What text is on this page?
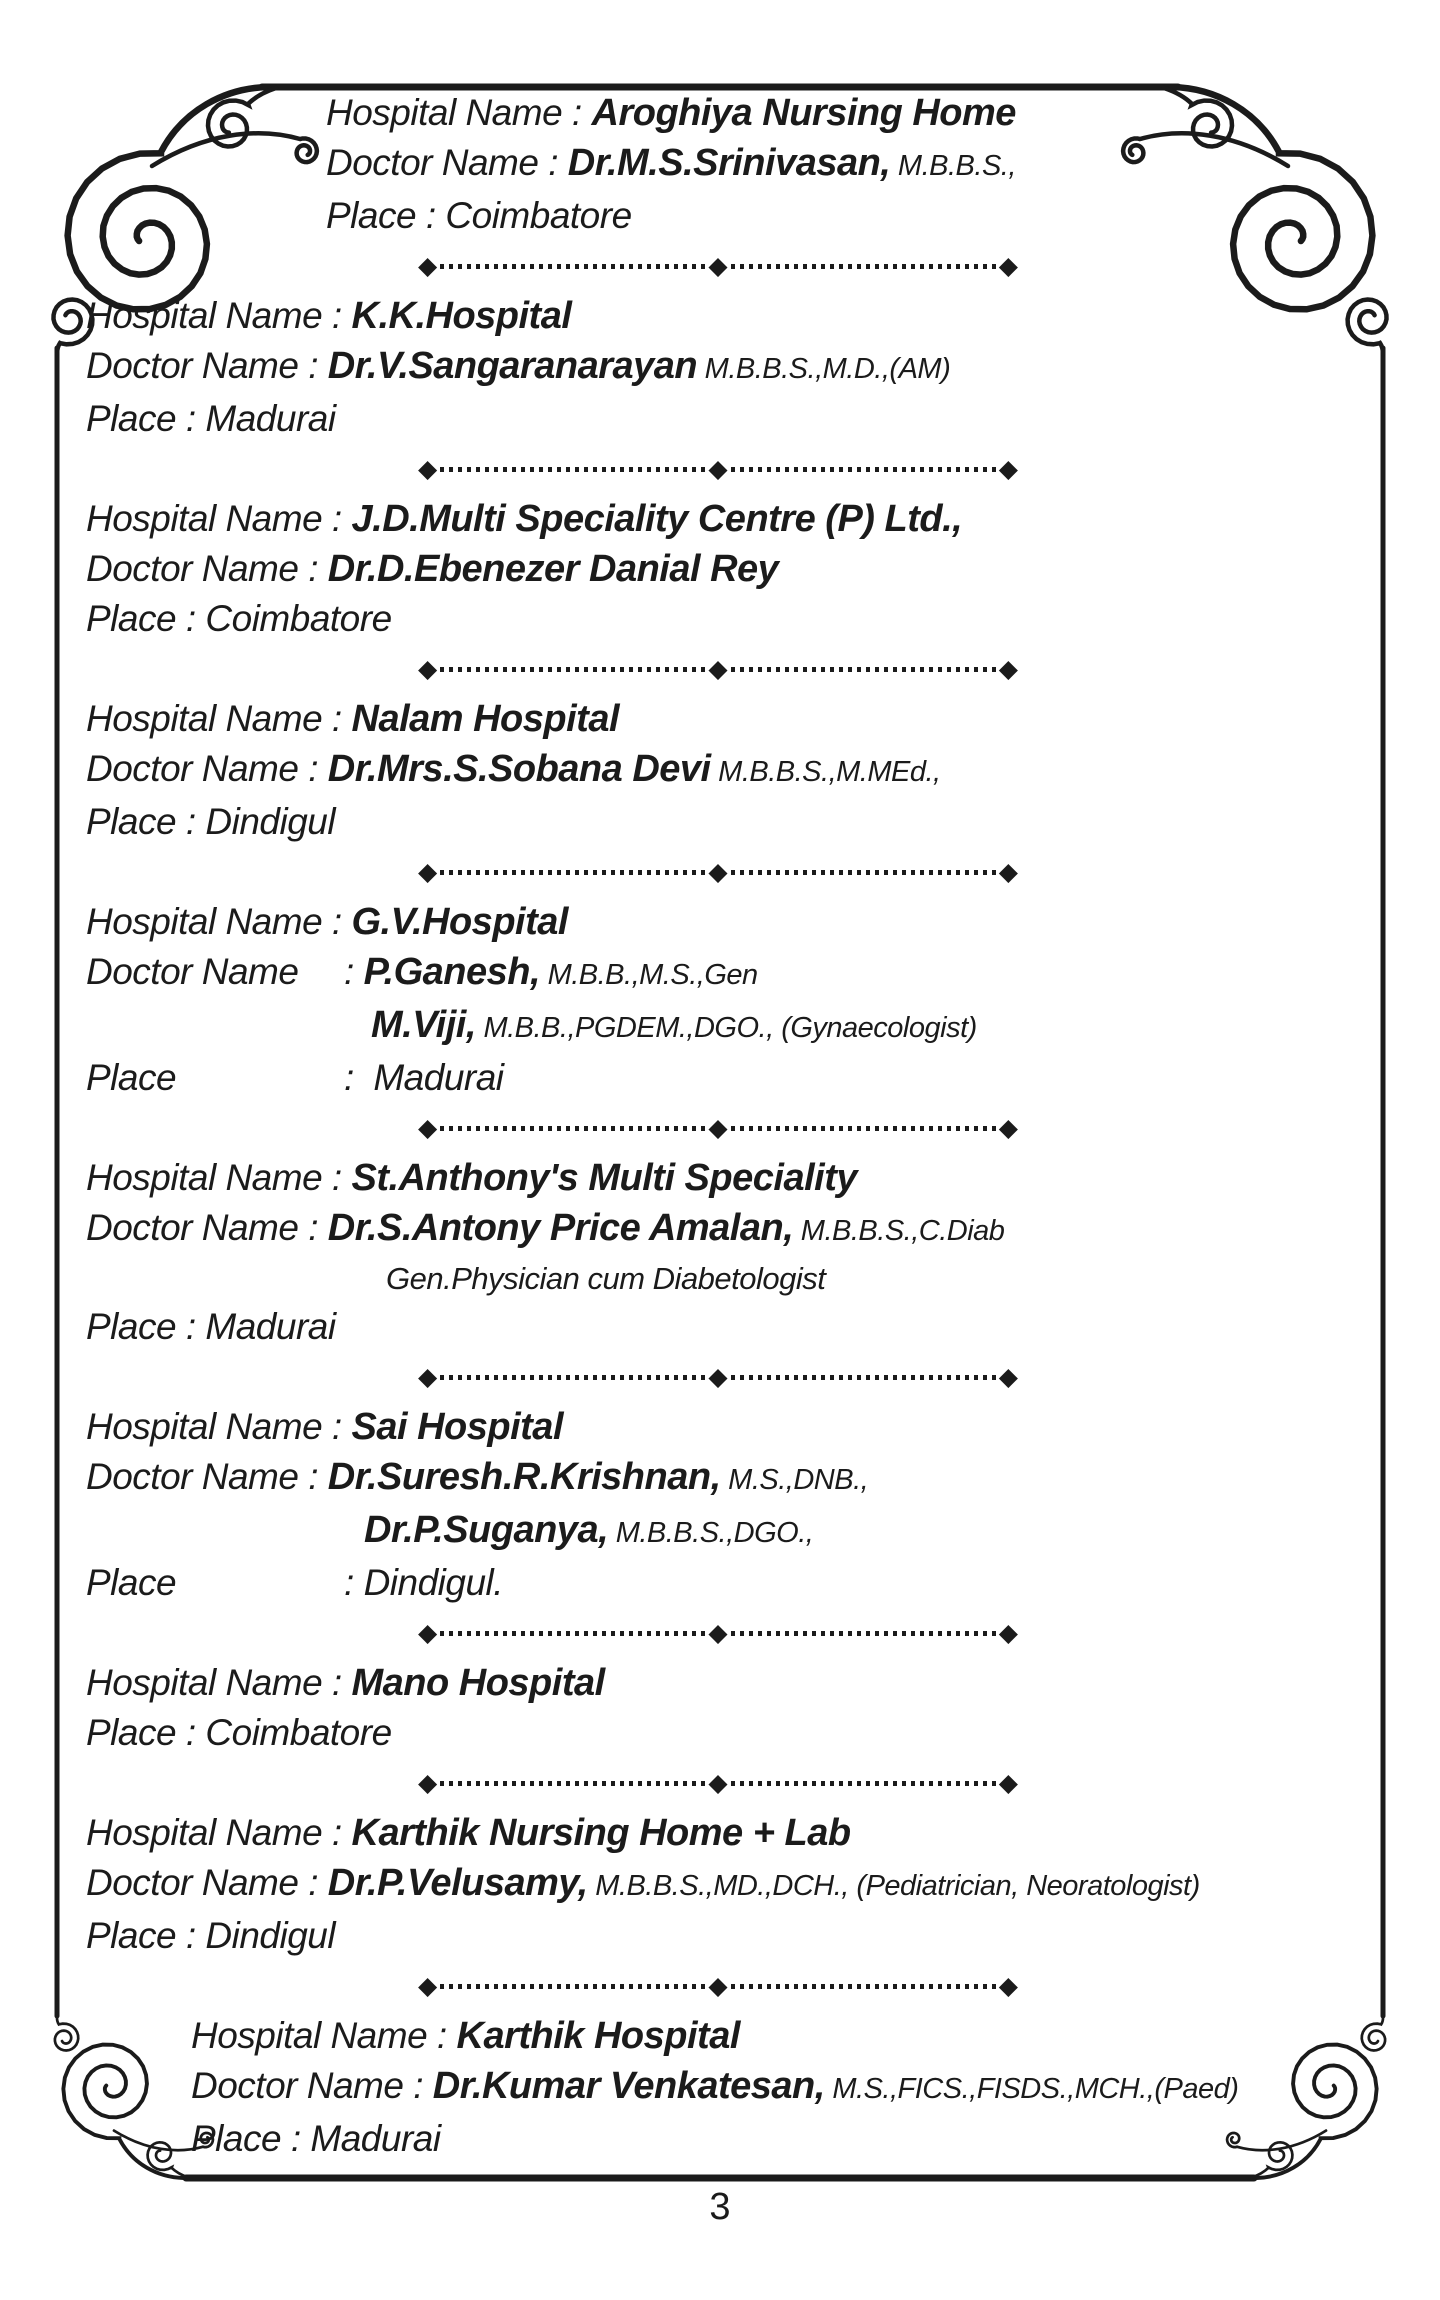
Hospital Name : Aroghiya Nursing Home
Doctor Name : Dr.M.S.Srinivasan, M.B.B.S.,
Place : Coimbatore
◆	◆	◆
Hospital Name : K.K.Hospital
Doctor Name : Dr.V.Sangaranarayan M.B.B.S.,M.D.,(AM)
Place : Madurai
◆	◆	◆
Hospital Name : J.D.Multi Speciality Centre (P) Ltd.,
Doctor Name : Dr.D.Ebenezer Danial Rey
Place : Coimbatore
◆	◆	◆
Hospital Name : Nalam Hospital
Doctor Name : Dr.Mrs.S.Sobana Devi M.B.B.S.,M.MEd.,
Place : Dindigul
◆	◆	◆
Hospital Name : G.V.Hospital
Doctor Name : P.Ganesh, M.B.B.,M.S.,Gen
M.Viji, M.B.B.,PGDEM.,DGO., (Gynaecologist)
Place	:  Madurai
◆	◆	◆
Hospital Name : St.Anthony's Multi Speciality
Doctor Name : Dr.S.Antony Price Amalan, M.B.B.S.,C.Diab
Gen.Physician cum Diabetologist
Place : Madurai
◆	◆	◆
Hospital Name : Sai Hospital
Doctor Name : Dr.Suresh.R.Krishnan, M.S.,DNB.,
Dr.P.Suganya, M.B.B.S.,DGO.,
Place	: Dindigul.
◆	◆	◆
Hospital Name : Mano Hospital
Place : Coimbatore
◆	◆	◆
Hospital Name : Karthik Nursing Home + Lab
Doctor Name : Dr.P.Velusamy, M.B.B.S.,MD.,DCH., (Pediatrician, Neoratologist)
Place : Dindigul
◆	◆	◆
Hospital Name : Karthik Hospital
Doctor Name : Dr.Kumar Venkatesan, M.S.,FICS.,FISDS.,MCH.,(Paed)
Place : Madurai
3
